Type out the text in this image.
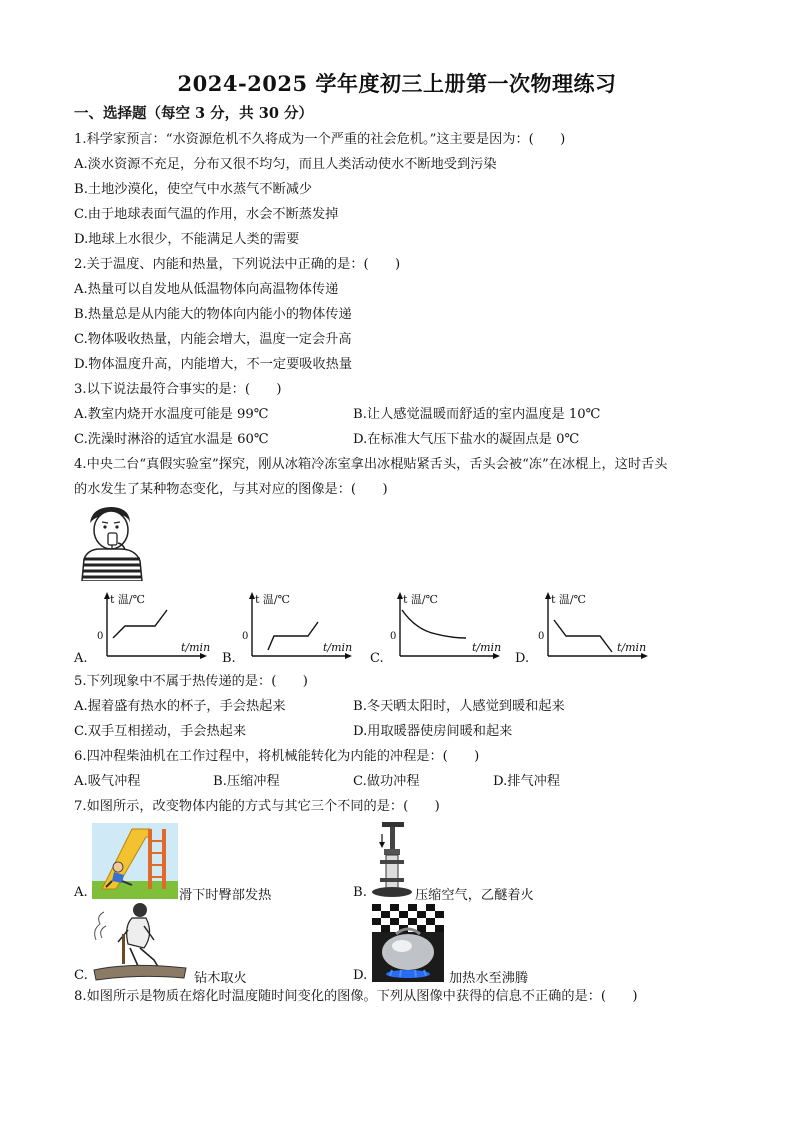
2024-2025 学年度初三上册第一次物理练习
一、选择题（每空 3 分，共 30 分）
1.科学家预言：“水资源危机不久将成为一个严重的社会危机。”这主要是因为：(　　)
A.淡水资源不充足，分布又很不均匀，而且人类活动使水不断地受到污染
B.土地沙漠化，使空气中水蒸气不断减少
C.由于地球表面气温的作用，水会不断蒸发掉
D.地球上水很少，不能满足人类的需要
2.关于温度、内能和热量，下列说法中正确的是：(　　)
A.热量可以自发地从低温物体向高温物体传递
B.热量总是从内能大的物体向内能小的物体传递
C.物体吸收热量，内能会增大，温度一定会升高
D.物体温度升高，内能增大，不一定要吸收热量
3.以下说法最符合事实的是：(　　)
A.教室内烧开水温度可能是 99℃	B.让人感觉温暖而舒适的室内温度是 10℃
C.洗澡时淋浴的适宜水温是 60℃	D.在标准大气压下盐水的凝固点是 0℃
4.中央二台“真假实验室”探究，刚从冰箱冷冻室拿出冰棍贴紧舌头，舌头会被“冻”在冰棍上，这时舌头
的水发生了某种物态变化，与其对应的图像是：(　　)
A.	B.	C.	D.
t 温/℃
0
t/min
t 温/℃
0
t/min
t 温/℃
0
t/min
t 温/℃
0
t/min
5.下列现象中不属于热传递的是：(　　)
A.握着盛有热水的杯子，手会热起来	B.冬天晒太阳时，人感觉到暖和起来
C.双手互相搓动，手会热起来	D.用取暖器使房间暖和起来
6.四冲程柴油机在工作过程中，将机械能转化为内能的冲程是：(　　)
A.吸气冲程	B.压缩冲程	C.做功冲程	D.排气冲程
7.如图所示，改变物体内能的方式与其它三个不同的是：(　　)
A.	滑下时臀部发热	B.	压缩空气，乙醚着火
C.	钻木取火	D.	加热水至沸腾
8.如图所示是物质在熔化时温度随时间变化的图像。下列从图像中获得的信息不正确的是：(　　)
